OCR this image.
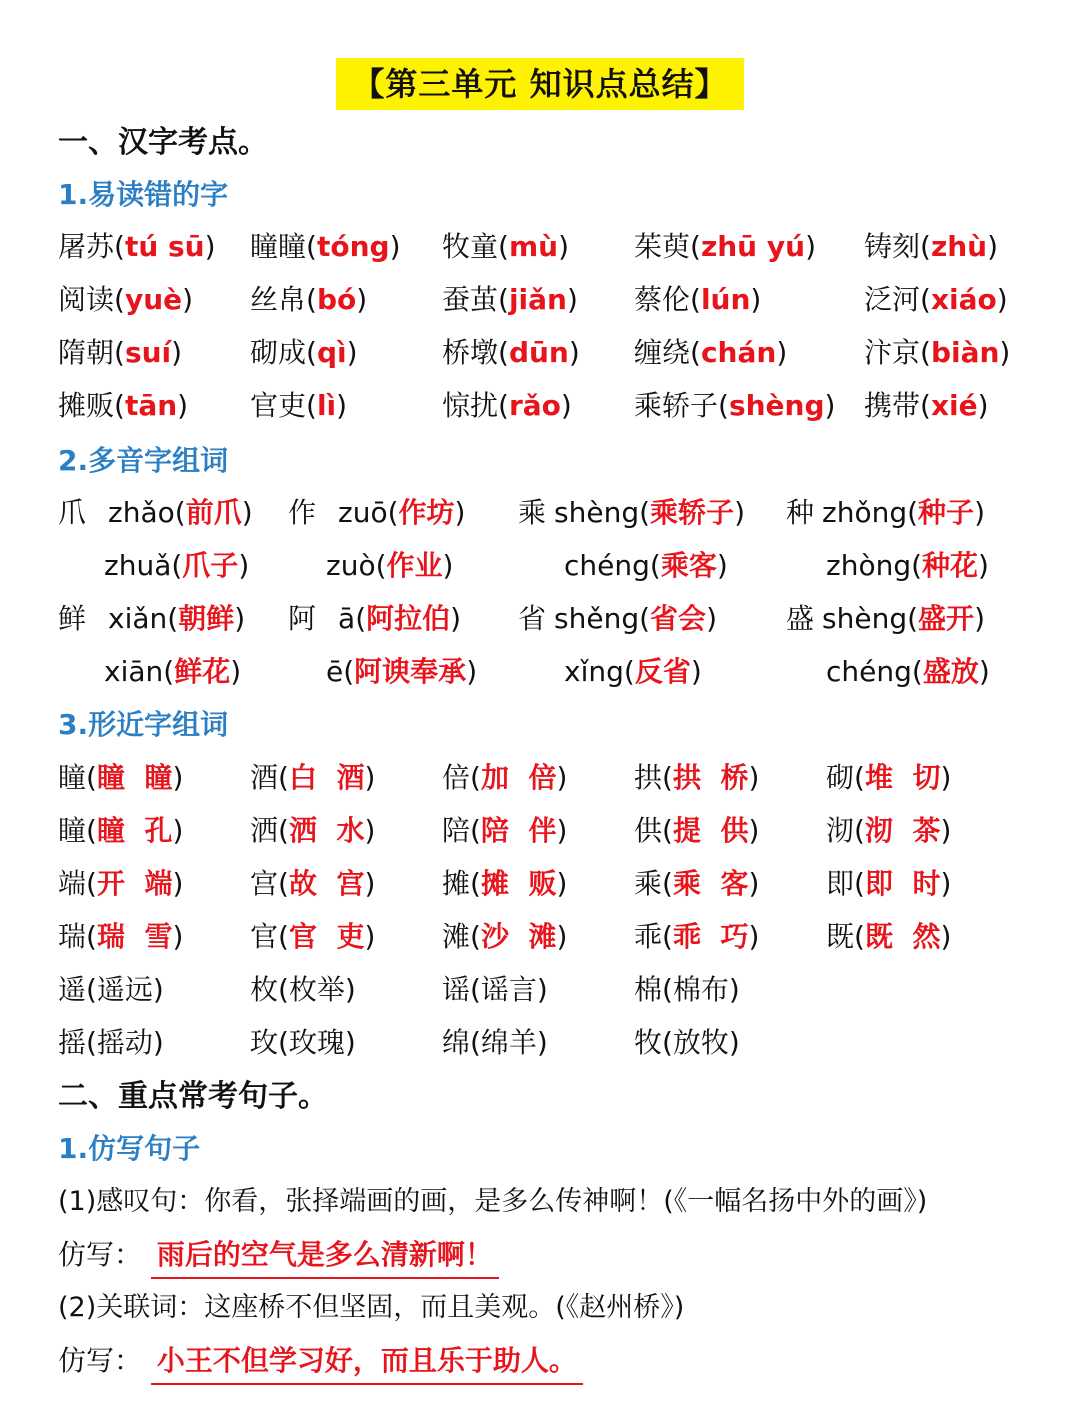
【第三单元 知识点总结】
一、汉字考点。
1.易读错的字
屠苏(tú sū) 瞳瞳(tóng) 牧童(mù) 茱萸(zhū yú) 铸刻(zhù)
阅读(yuè) 丝帛(bó)	蚕茧(jiǎn) 蔡伦(lún)	泛河(xiáo)
隋朝(suí) 砌成(qì)	桥墩(dūn) 缠绕(chán)	汴京(biàn)
摊贩(tān) 官吏(lì)	惊扰(rǎo) 乘轿子(shèng) 携带(xié)
2.多音字组词
爪 zhǎo(前爪) 作 zuō(作坊) 乘 shèng(乘轿子) 种 zhǒng(种子)
zhuǎ(爪子)	zuò(作业)	chéng(乘客)	zhòng(种花)
鲜 xiǎn(朝鲜) 阿 ā(阿拉伯) 省 shěng(省会) 盛 shèng(盛开)
xiān(鲜花)	ē(阿谀奉承)	xǐng(反省)	chéng(盛放)
3.形近字组词
瞳(瞳  瞳) 酒(白  酒) 倍(加  倍) 拱(拱  桥) 砌(堆  切)
瞳(瞳  孔) 洒(洒  水) 陪(陪  伴) 供(提  供) 沏(沏  茶)
端(开  端) 宫(故  宫) 摊(摊  贩) 乘(乘  客) 即(即  时)
瑞(瑞  雪) 官(官  吏) 滩(沙  滩) 乖(乖  巧) 既(既  然)
遥(遥远)	枚(枚举)	谣(谣言)	棉(棉布)
摇(摇动)	玫(玫瑰)	绵(绵羊)	牧(放牧)
二、重点常考句子。
1.仿写句子
(1)感叹句：你看，张择端画的画，是多么传神啊！(《一幅名扬中外的画》)
仿写： 雨后的空气是多么清新啊！
(2)关联词：这座桥不但坚固，而且美观。(《赵州桥》)
仿写： 小王不但学习好，而且乐于助人。
